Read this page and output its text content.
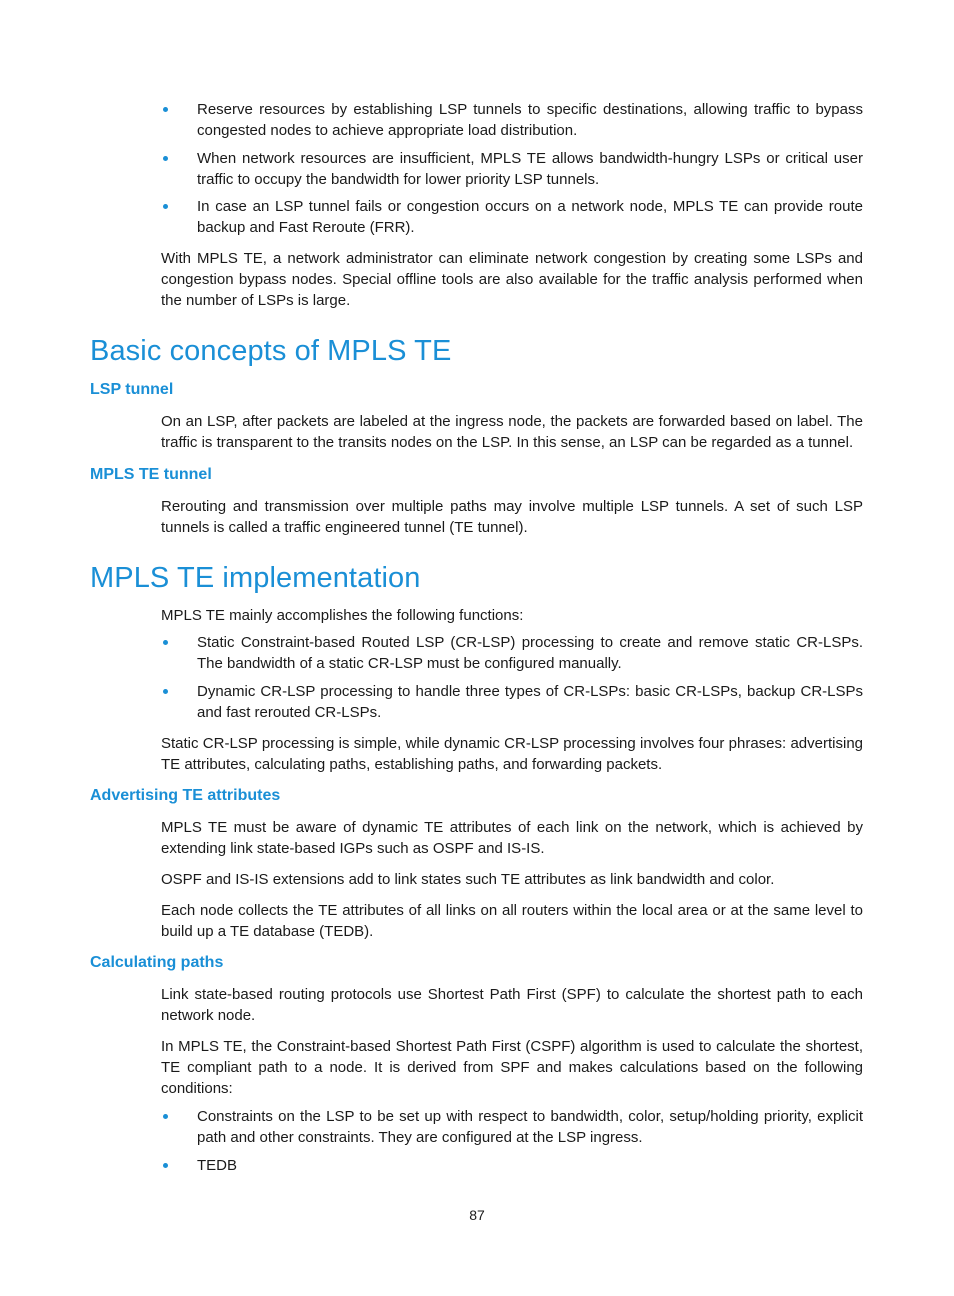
Reserve resources by establishing LSP tunnels to specific destinations, allowing traffic to bypass congested nodes to achieve appropriate load distribution.
When network resources are insufficient, MPLS TE allows bandwidth-hungry LSPs or critical user traffic to occupy the bandwidth for lower priority LSP tunnels.
In case an LSP tunnel fails or congestion occurs on a network node, MPLS TE can provide route backup and Fast Reroute (FRR).
With MPLS TE, a network administrator can eliminate network congestion by creating some LSPs and congestion bypass nodes. Special offline tools are also available for the traffic analysis performed when the number of LSPs is large.
Basic concepts of MPLS TE
LSP tunnel
On an LSP, after packets are labeled at the ingress node, the packets are forwarded based on label. The traffic is transparent to the transits nodes on the LSP. In this sense, an LSP can be regarded as a tunnel.
MPLS TE tunnel
Rerouting and transmission over multiple paths may involve multiple LSP tunnels. A set of such LSP tunnels is called a traffic engineered tunnel (TE tunnel).
MPLS TE implementation
MPLS TE mainly accomplishes the following functions:
Static Constraint-based Routed LSP (CR-LSP) processing to create and remove static CR-LSPs. The bandwidth of a static CR-LSP must be configured manually.
Dynamic CR-LSP processing to handle three types of CR-LSPs: basic CR-LSPs, backup CR-LSPs and fast rerouted CR-LSPs.
Static CR-LSP processing is simple, while dynamic CR-LSP processing involves four phrases: advertising TE attributes, calculating paths, establishing paths, and forwarding packets.
Advertising TE attributes
MPLS TE must be aware of dynamic TE attributes of each link on the network, which is achieved by extending link state-based IGPs such as OSPF and IS-IS.
OSPF and IS-IS extensions add to link states such TE attributes as link bandwidth and color.
Each node collects the TE attributes of all links on all routers within the local area or at the same level to build up a TE database (TEDB).
Calculating paths
Link state-based routing protocols use Shortest Path First (SPF) to calculate the shortest path to each network node.
In MPLS TE, the Constraint-based Shortest Path First (CSPF) algorithm is used to calculate the shortest, TE compliant path to a node. It is derived from SPF and makes calculations based on the following conditions:
Constraints on the LSP to be set up with respect to bandwidth, color, setup/holding priority, explicit path and other constraints. They are configured at the LSP ingress.
TEDB
87
